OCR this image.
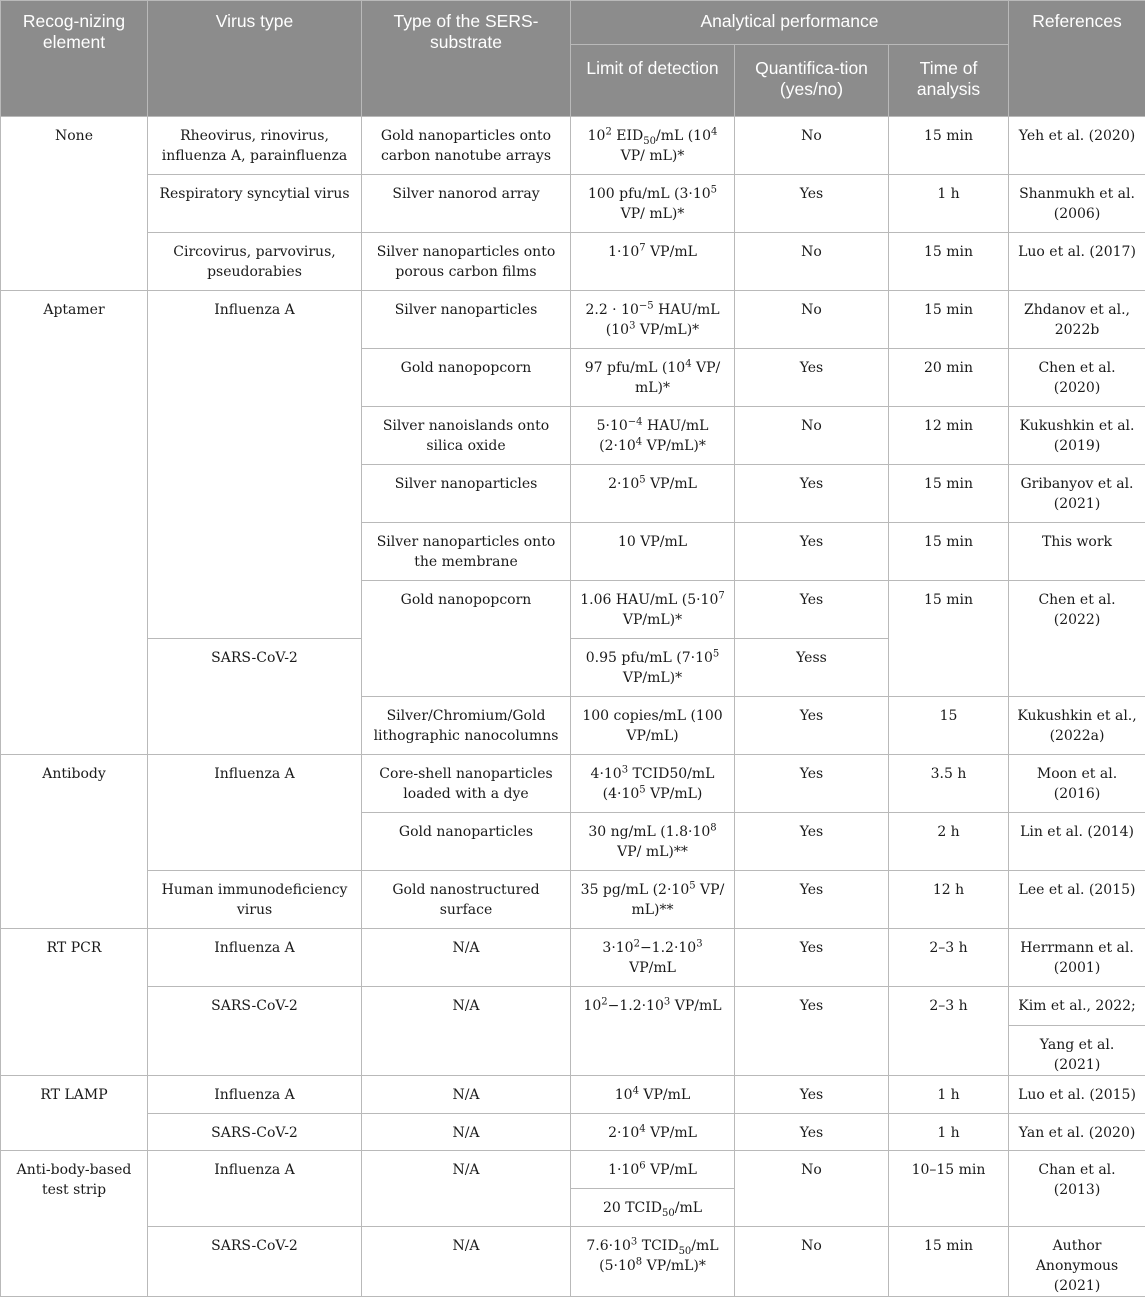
Recog-nizing element	Virus type	Type of the SERS-substrate	Analytical performance			References
			Limit of detection	Quantifica-tion (yes/no)	Time of analysis	
None	Rheovirus, rinovirus, influenza A, parainfluenza	Gold nanoparticles onto carbon nanotube arrays	$10^2$ $EID_{50}/mL$ ($10^4$ VP/ mL)*	No	15 min	Yeh et al. (2020)
	Respiratory syncytial virus	Silver nanorod array	100 pfu/mL ($3\cdot 10^5$ VP/ mL)*	Yes	1 h	Shanmukh et al. (2006)
	Circovirus, parvovirus, pseudorabies	Silver nanoparticles onto porous carbon films	$1\cdot 10^7$ VP/mL	No	15 min	Luo et al. (2017)
Aptamer	Influenza A	Silver nanoparticles	$2.2 \cdot 10^{-5}$ HAU/mL ($10^3$ VP/mL)*	No	15 min	Zhdanov et al., 2022b
		Gold nanopopcorn	97 pfu/mL ($10^4$ VP/ mL)*	Yes	20 min	Chen et al. (2020)
		Silver nanoislands onto silica oxide	$5\cdot 10^{-4}$ HAU/mL ($2\cdot 10^4$ VP/mL)*	No	12 min	Kukushkin et al. (2019)
		Silver nanoparticles	$2\cdot 10^5$ VP/mL	Yes	15 min	Gribanyov et al. (2021)
		Silver nanoparticles onto the membrane	10 VP/mL	Yes	15 min	This work
		Gold nanopopcorn	1.06 HAU/mL ($5\cdot 10^7$ VP/mL)*	Yes	15 min	Chen et al. (2022)
	SARS-CoV-2		0.95 pfu/mL ($7\cdot 10^5$ VP/mL)*	Yess		
		Silver/Chromium/Gold lithographic nanocolumns	100 copies/mL (100 VP/mL)	Yes	15	Kukushkin et al., (2022a)
Antibody	Influenza A	Core-shell nanoparticles loaded with a dye	$4\cdot 10^3$ TCID50/mL ($4\cdot 10^5$ VP/mL)	Yes	3.5 h	Moon et al. (2016)
		Gold nanoparticles	30 ng/mL ($1.8\cdot 10^8$ VP/ mL)**	Yes	2 h	Lin et al. (2014)
	Human immunodeficiency virus	Gold nanostructured surface	35 pg/mL ($2\cdot 10^5$ VP/ mL)**	Yes	12 h	Lee et al. (2015)
RT PCR	Influenza A	N/A	$3\cdot 10^2-1.2\cdot 10^3$ VP/mL	Yes	2–3 h	Herrmann et al. (2001)
	SARS-CoV-2	N/A	$10^2-1.2\cdot 10^3$ VP/mL	Yes	2–3 h	Kim et al., 2022;
						Yang et al. (2021)
RT LAMP	Influenza A	N/A	$10^4$ VP/mL	Yes	1 h	Luo et al. (2015)
	SARS-CoV-2	N/A	$2\cdot 10^4$ VP/mL	Yes	1 h	Yan et al. (2020)
Anti-body-based test strip	Influenza A	N/A	$1\cdot 10^6$ VP/mL	No	10–15 min	Chan et al. (2013)
			20 $TCID_{50}/mL$			
	SARS-CoV-2	N/A	$7.6\cdot 10^3$ $TCID_{50}/mL$ ($5\cdot 10^8$ VP/mL)*	No	15 min	Author Anonymous (2021)
